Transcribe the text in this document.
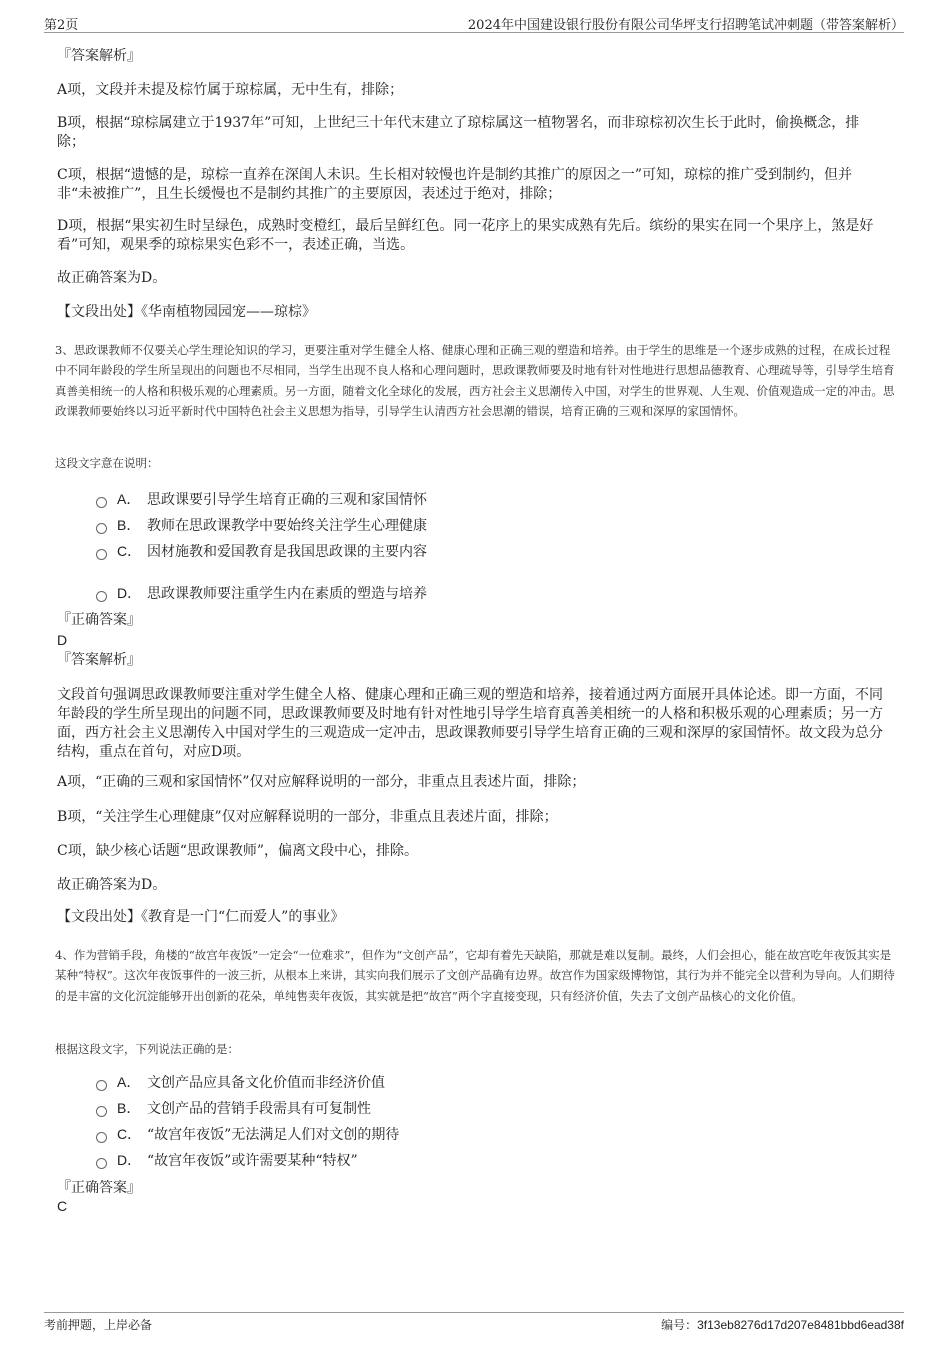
第2页	2024年中国建设银行股份有限公司华坪支行招聘笔试冲刺题（带答案解析）
『答案解析』
A项，文段并未提及棕竹属于琼棕属，无中生有，排除；
B项，根据“琼棕属建立于1937年”可知，上世纪三十年代末建立了琼棕属这一植物署名，而非琼棕初次生长于此时，偷换概念，排除；
C项，根据“遗憾的是，琼棕一直养在深闺人未识。生长相对较慢也许是制约其推广的原因之一”可知，琼棕的推广受到制约，但并非“未被推广”，且生长缓慢也不是制约其推广的主要原因，表述过于绝对，排除；
D项，根据“果实初生时呈绿色，成熟时变橙红，最后呈鲜红色。同一花序上的果实成熟有先后。缤纷的果实在同一个果序上，煞是好看”可知，观果季的琼棕果实色彩不一，表述正确，当选。
故正确答案为D。
【文段出处】《华南植物园园宠——琼棕》
3、思政课教师不仅要关心学生理论知识的学习，更要注重对学生健全人格、健康心理和正确三观的塑造和培养。由于学生的思维是一个逐步成熟的过程，在成长过程中不同年龄段的学生所呈现出的问题也不尽相同，当学生出现不良人格和心理问题时，思政课教师要及时地有针对性地进行思想品德教育、心理疏导等，引导学生培育真善美相统一的人格和积极乐观的心理素质。另一方面，随着文化全球化的发展，西方社会主义思潮传入中国，对学生的世界观、人生观、价值观造成一定的冲击。思政课教师要始终以习近平新时代中国特色社会主义思想为指导，引导学生认清西方社会思潮的错误，培育正确的三观和深厚的家国情怀。
这段文字意在说明：
A． 思政课要引导学生培育正确的三观和家国情怀
B． 教师在思政课教学中要始终关注学生心理健康
C． 因材施教和爱国教育是我国思政课的主要内容
D． 思政课教师要注重学生内在素质的塑造与培养
『正确答案』
D
『答案解析』
文段首句强调思政课教师要注重对学生健全人格、健康心理和正确三观的塑造和培养，接着通过两方面展开具体论述。即一方面，不同年龄段的学生所呈现出的问题不同，思政课教师要及时地有针对性地引导学生培育真善美相统一的人格和积极乐观的心理素质；另一方面，西方社会主义思潮传入中国对学生的三观造成一定冲击，思政课教师要引导学生培育正确的三观和深厚的家国情怀。故文段为总分结构，重点在首句，对应D项。
A项，“正确的三观和家国情怀”仅对应解释说明的一部分，非重点且表述片面，排除；
B项，“关注学生心理健康”仅对应解释说明的一部分，非重点且表述片面，排除；
C项，缺少核心话题“思政课教师”，偏离文段中心，排除。
故正确答案为D。
【文段出处】《教育是一门“仁而爱人”的事业》
4、作为营销手段，角楼的“故宫年夜饭”一定会“一位难求”，但作为“文创产品”，它却有着先天缺陷，那就是难以复制。最终，人们会担心，能在故宫吃年夜饭其实是某种“特权”。这次年夜饭事件的一波三折，从根本上来讲，其实向我们展示了文创产品确有边界。故宫作为国家级博物馆，其行为并不能完全以营利为导向。人们期待的是丰富的文化沉淀能够开出创新的花朵，单纯售卖年夜饭，其实就是把“故宫”两个字直接变现，只有经济价值，失去了文创产品核心的文化价值。
根据这段文字，下列说法正确的是：
A． 文创产品应具备文化价值而非经济价值
B． 文创产品的营销手段需具有可复制性
C． “故宫年夜饭”无法满足人们对文创的期待
D． “故宫年夜饭”或许需要某种“特权”
『正确答案』
C
考前押题，上岸必备	编号：3f13eb8276d17d207e8481bbd6ead38f
